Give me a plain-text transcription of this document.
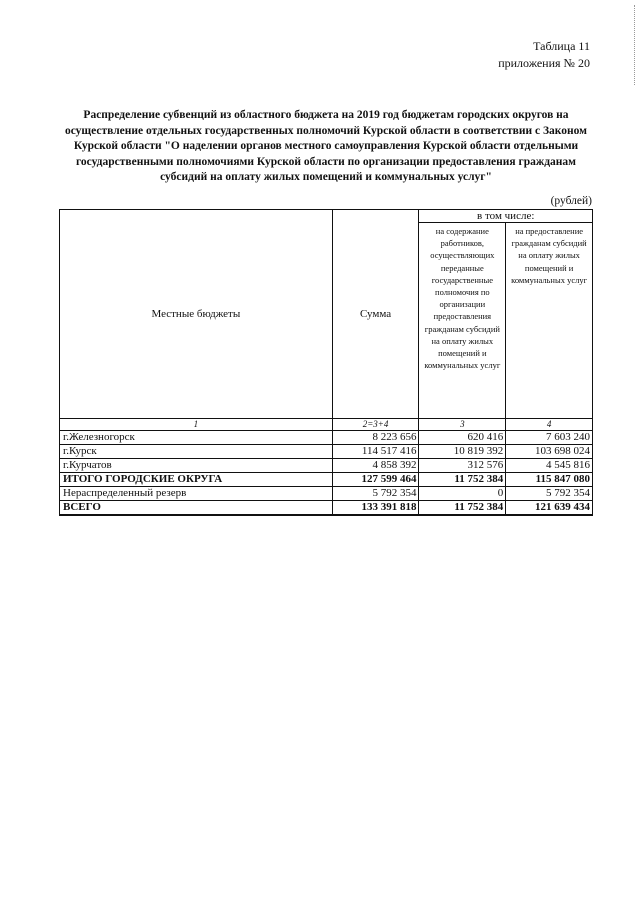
Таблица 11
приложения № 20
Распределение субвенций из областного бюджета на 2019 год бюджетам городских округов на осуществление отдельных государственных полномочий Курской области в соответствии с Законом Курской области "О наделении органов местного самоуправления Курской области отдельными государственными полномочиями Курской области по организации предоставления гражданам субсидий на оплату жилых помещений и коммунальных услуг"
(рублей)
Местные бюджеты	Сумма	в том числе:	
		на содержание работников, осуществляющих переданные государственные полномочия по организации предоставления гражданам субсидий на оплату жилых помещений и коммунальных услуг	на предоставление гражданам субсидий на оплату жилых помещений и коммунальных услуг
1	2=3+4	3	4
г.Железногорск	8 223 656	620 416	7 603 240
г.Курск	114 517 416	10 819 392	103 698 024
г.Курчатов	4 858 392	312 576	4 545 816
ИТОГО ГОРОДСКИЕ ОКРУГА	127 599 464	11 752 384	115 847 080
Нераспределенный резерв	5 792 354	0	5 792 354
ВСЕГО	133 391 818	11 752 384	121 639 434
